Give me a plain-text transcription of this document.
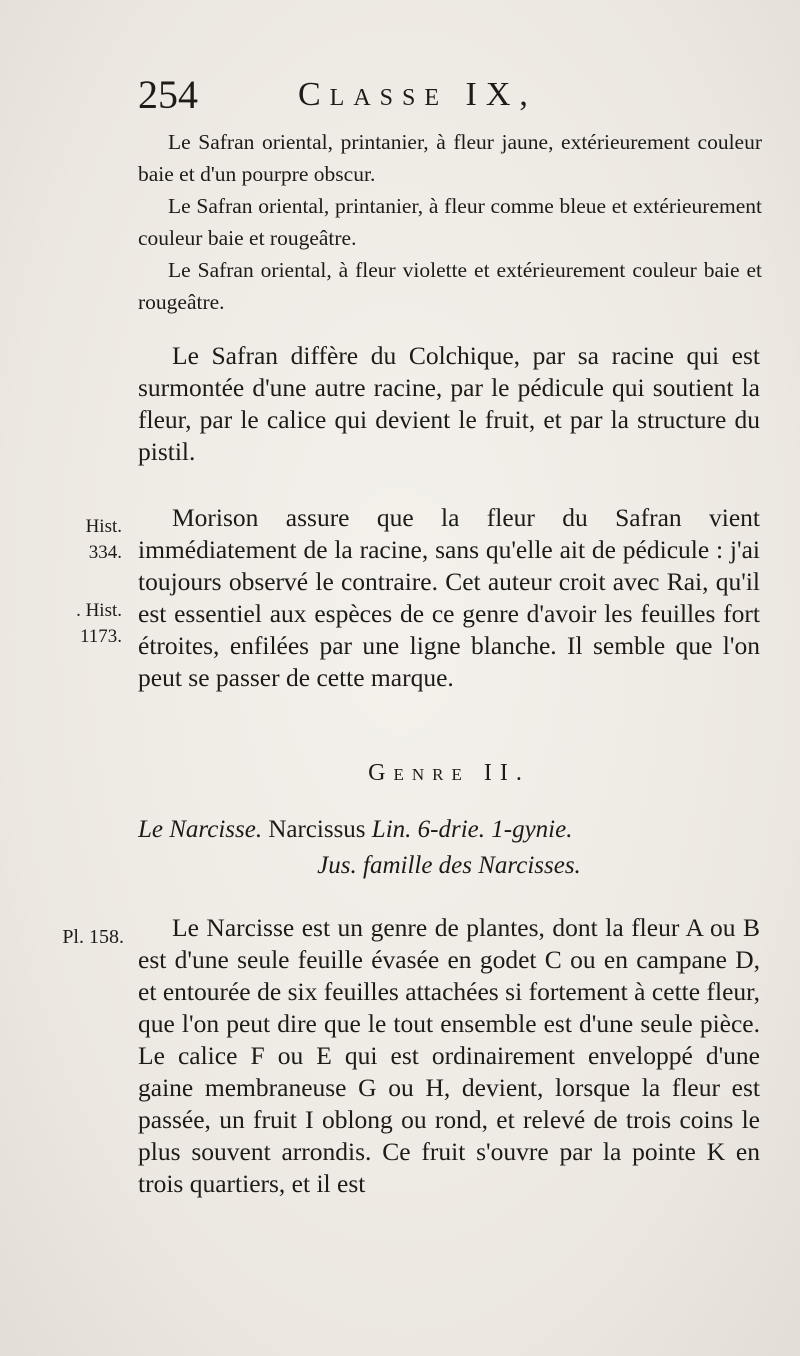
254	Classe IX,
Le Safran oriental, printanier, à fleur jaune, extérieurement couleur baie et d'un pourpre obscur.
Le Safran oriental, printanier, à fleur comme bleue et extérieurement couleur baie et rougeâtre.
Le Safran oriental, à fleur violette et extérieurement couleur baie et rougeâtre.
Le Safran diffère du Colchique, par sa racine qui est surmontée d'une autre racine, par le pédicule qui soutient la fleur, par le calice qui devient le fruit, et par la structure du pistil.
Hist.
334.
. Hist.
1173.
Morison assure que la fleur du Safran vient immédiatement de la racine, sans qu'elle ait de pédicule : j'ai toujours observé le contraire. Cet auteur croit avec Rai, qu'il est essentiel aux espèces de ce genre d'avoir les feuilles fort étroites, enfilées par une ligne blanche. Il semble que l'on peut se passer de cette marque.
Genre II.
Le Narcisse. Narcissus Lin. 6-drie. 1-gynie.
Jus. famille des Narcisses.
Pl. 158.	Le Narcisse est un genre de plantes, dont la fleur A ou B est d'une seule feuille évasée en godet C ou en campane D, et entourée de six feuilles attachées si fortement à cette fleur, que l'on peut dire que le tout ensemble est d'une seule pièce. Le calice F ou E qui est ordinairement enveloppé d'une gaine membraneuse G ou H, devient, lorsque la fleur est passée, un fruit I oblong ou rond, et relevé de trois coins le plus souvent arrondis. Ce fruit s'ouvre par la pointe K en trois quartiers, et il est
